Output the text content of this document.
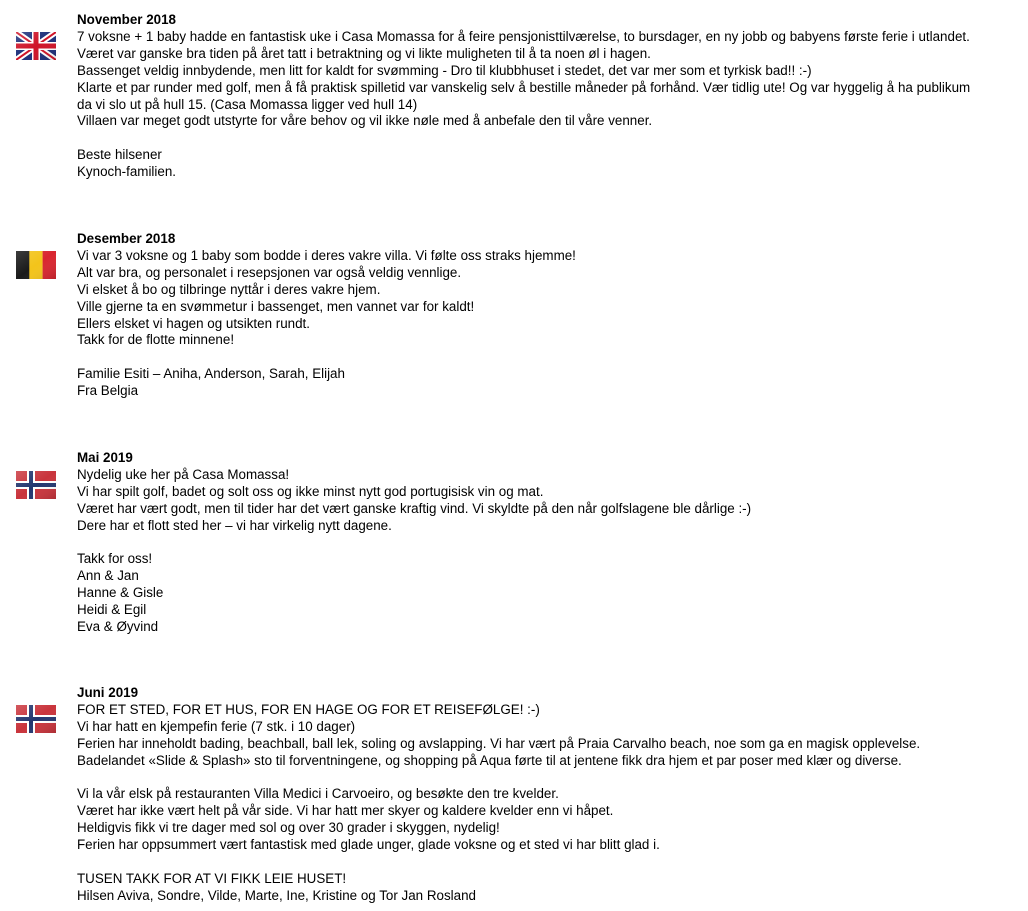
November 2018
7 voksne + 1 baby hadde en fantastisk uke i Casa Momassa for å feire pensjonisttilværelse, to bursdager, en ny jobb og babyens første ferie i utlandet.
Været var ganske bra tiden på året tatt i betraktning og vi likte muligheten til å ta noen øl i hagen.
Bassenget veldig innbydende, men litt for kaldt for svømming - Dro til klubbhuset i stedet, det var mer som et tyrkisk bad!! :-)
Klarte et par runder med golf, men å få praktisk spilletid var vanskelig selv å bestille måneder på forhånd. Vær tidlig ute! Og var hyggelig å ha publikum
da vi slo ut på hull 15. (Casa Momassa ligger ved hull 14)
Villaen var meget godt utstyrte for våre behov og vil ikke nøle med å anbefale den til våre venner.
Beste hilsener
Kynoch-familien.
Desember 2018
Vi var 3 voksne og 1 baby som bodde i deres vakre villa. Vi følte oss straks hjemme!
Alt var bra, og personalet i resepsjonen var også veldig vennlige.
Vi elsket å bo og tilbringe nyttår i deres vakre hjem.
Ville gjerne ta en svømmetur i bassenget, men vannet var for kaldt!
Ellers elsket vi hagen og utsikten rundt.
Takk for de flotte minnene!
Familie Esiti – Aniha, Anderson, Sarah, Elijah
Fra Belgia
Mai 2019
Nydelig uke her på Casa Momassa!
Vi har spilt golf, badet og solt oss og ikke minst nytt god portugisisk vin og mat.
Været har vært godt, men til tider har det vært ganske kraftig vind. Vi skyldte på den når golfslagene ble dårlige :-)
Dere har et flott sted her – vi har virkelig nytt dagene.
Takk for oss!
Ann & Jan
Hanne & Gisle
Heidi & Egil
Eva & Øyvind
Juni 2019
FOR ET STED, FOR ET HUS, FOR EN HAGE OG FOR ET REISEFØLGE! :-)
Vi har hatt en kjempefin ferie (7 stk. i 10 dager)
Ferien har inneholdt bading, beachball, ball lek, soling og avslapping. Vi har vært på Praia Carvalho beach, noe som ga en magisk opplevelse.
Badelandet «Slide & Splash» sto til forventningene, og shopping på Aqua førte til at jentene fikk dra hjem et par poser med klær og diverse.
Vi la vår elsk på restauranten Villa Medici i Carvoeiro, og besøkte den tre kvelder.
Været har ikke vært helt på vår side. Vi har hatt mer skyer og kaldere kvelder enn vi håpet.
Heldigvis fikk vi tre dager med sol og over 30 grader i skyggen, nydelig!
Ferien har oppsummert vært fantastisk med glade unger, glade voksne og et sted vi har blitt glad i.
TUSEN TAKK FOR AT VI FIKK LEIE HUSET!
Hilsen Aviva, Sondre, Vilde, Marte, Ine, Kristine og Tor Jan Rosland
